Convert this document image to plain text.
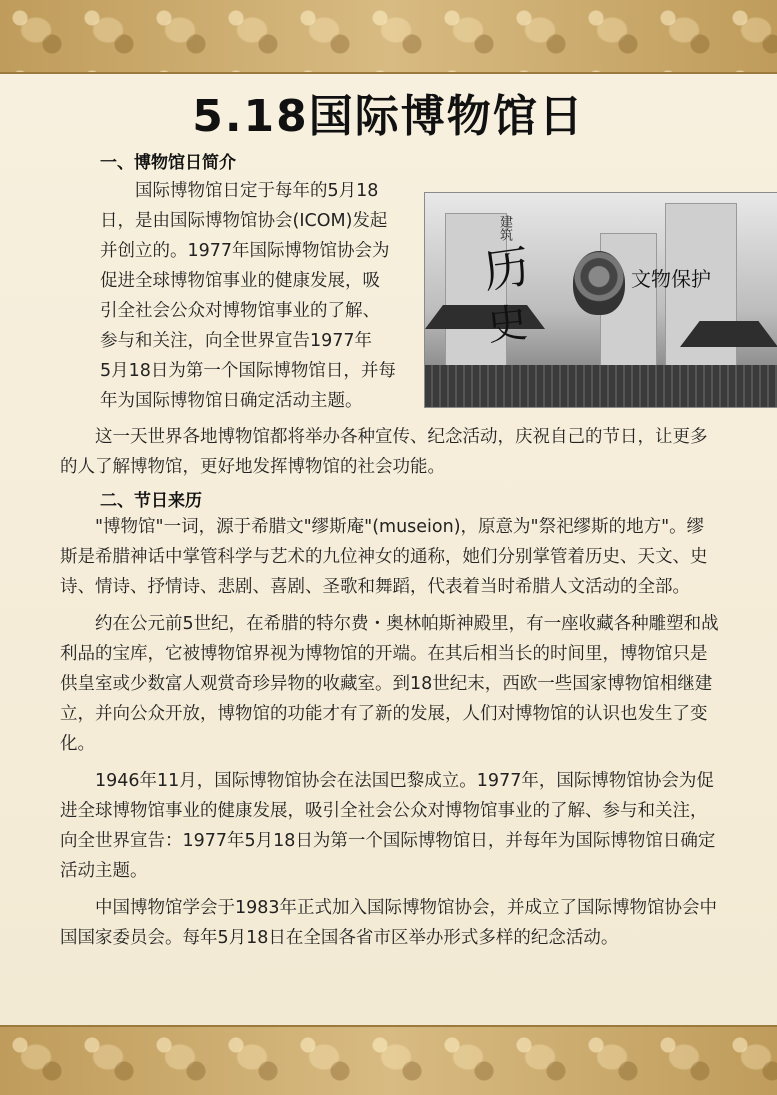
5.18国际博物馆日
一、博物馆日简介
国际博物馆日定于每年的5月18
日，是由国际博物馆协会(ICOM)发起
并创立的。1977年国际博物馆协会为
促进全球博物馆事业的健康发展，吸
引全社会公众对博物馆事业的了解、
参与和关注，向全世界宣告1977年
5月18日为第一个国际博物馆日，并每
年为国际博物馆日确定活动主题。
建筑
历
史
文物保护
这一天世界各地博物馆都将举办各种宣传、纪念活动，庆祝自己的节日，让更多的人了解博物馆，更好地发挥博物馆的社会功能。
二、节日来历
"博物馆"一词，源于希腊文"缪斯庵"(museion)，原意为"祭祀缪斯的地方"。缪斯是希腊神话中掌管科学与艺术的九位神女的通称，她们分别掌管着历史、天文、史诗、情诗、抒情诗、悲剧、喜剧、圣歌和舞蹈，代表着当时希腊人文活动的全部。
约在公元前5世纪，在希腊的特尔费・奥林帕斯神殿里，有一座收藏各种雕塑和战利品的宝库，它被博物馆界视为博物馆的开端。在其后相当长的时间里，博物馆只是供皇室或少数富人观赏奇珍异物的收藏室。到18世纪末，西欧一些国家博物馆相继建立，并向公众开放，博物馆的功能才有了新的发展，人们对博物馆的认识也发生了变化。
1946年11月，国际博物馆协会在法国巴黎成立。1977年，国际博物馆协会为促进全球博物馆事业的健康发展，吸引全社会公众对博物馆事业的了解、参与和关注，向全世界宣告：1977年5月18日为第一个国际博物馆日，并每年为国际博物馆日确定活动主题。
中国博物馆学会于1983年正式加入国际博物馆协会，并成立了国际博物馆协会中国国家委员会。每年5月18日在全国各省市区举办形式多样的纪念活动。
